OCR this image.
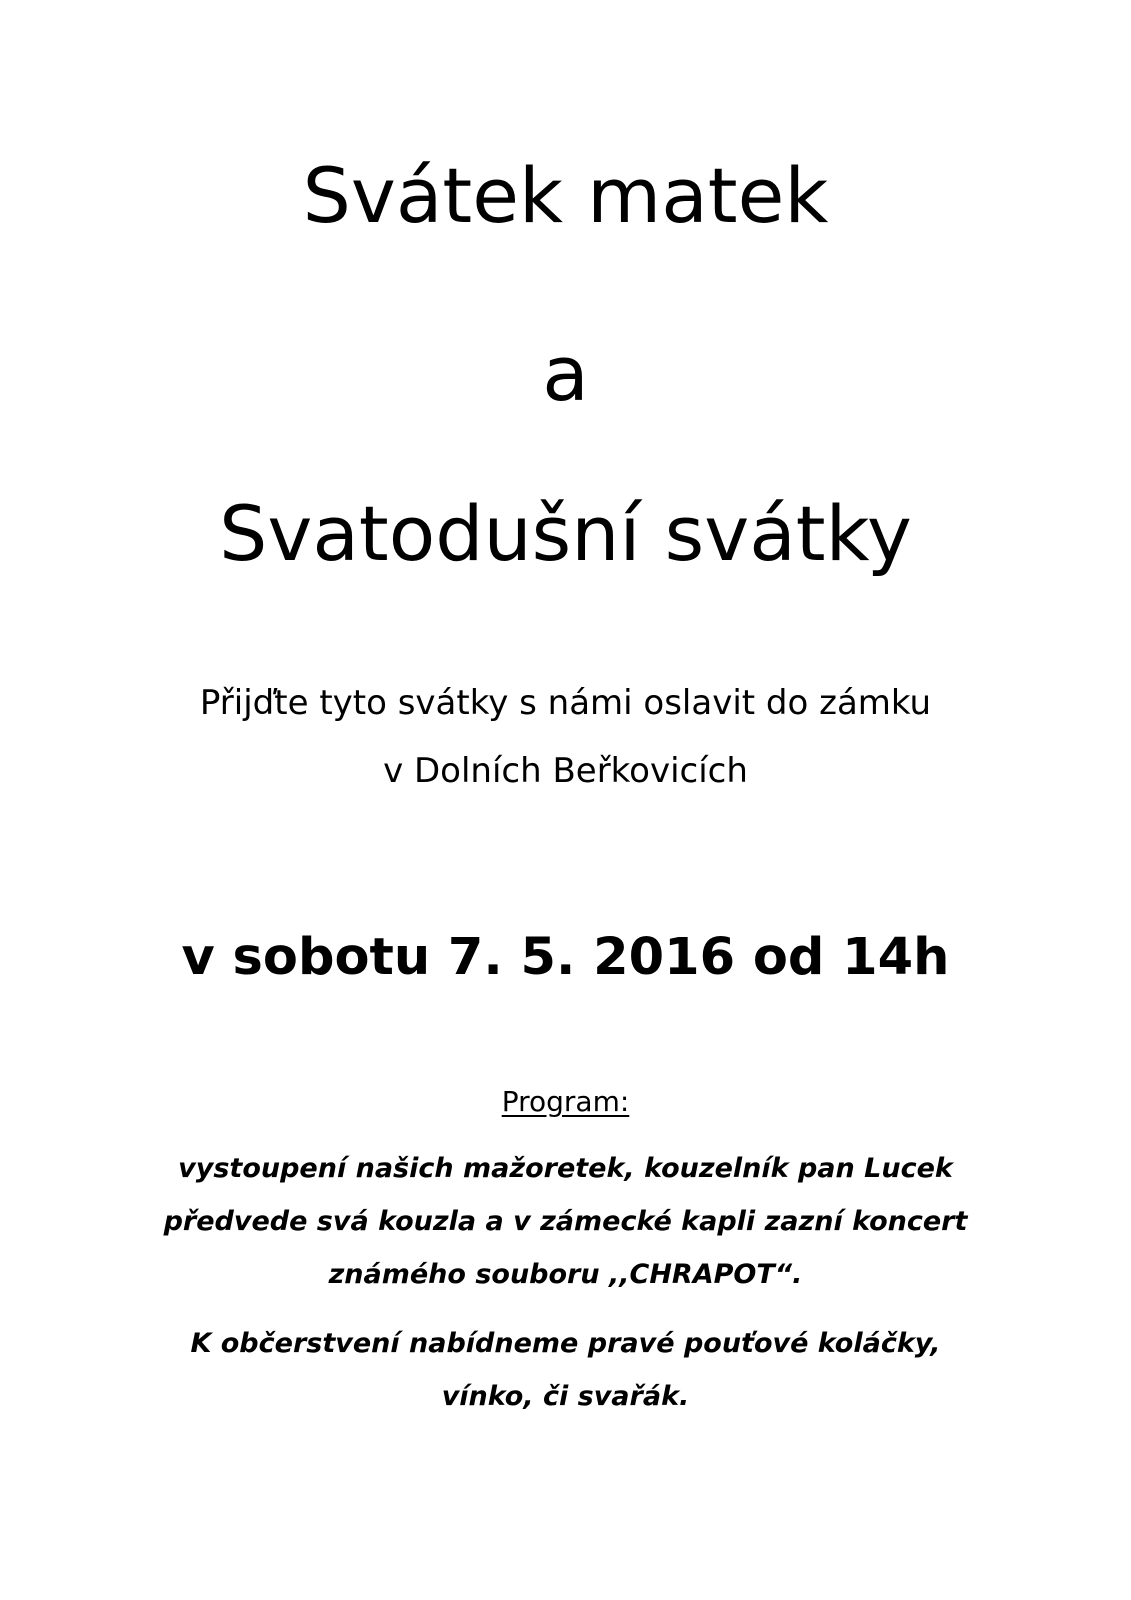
Svátek matek
a
Svatodušní svátky
Přijďte tyto svátky s námi oslavit do zámku
v Dolních Beřkovicích
v sobotu 7. 5. 2016 od 14h
Program:
vystoupení našich mažoretek, kouzelník pan Lucek
předvede svá kouzla a v zámecké kapli zazní koncert
známého souboru ,,CHRAPOT“.
K občerstvení nabídneme pravé pouťové koláčky,
vínko, či svařák.
